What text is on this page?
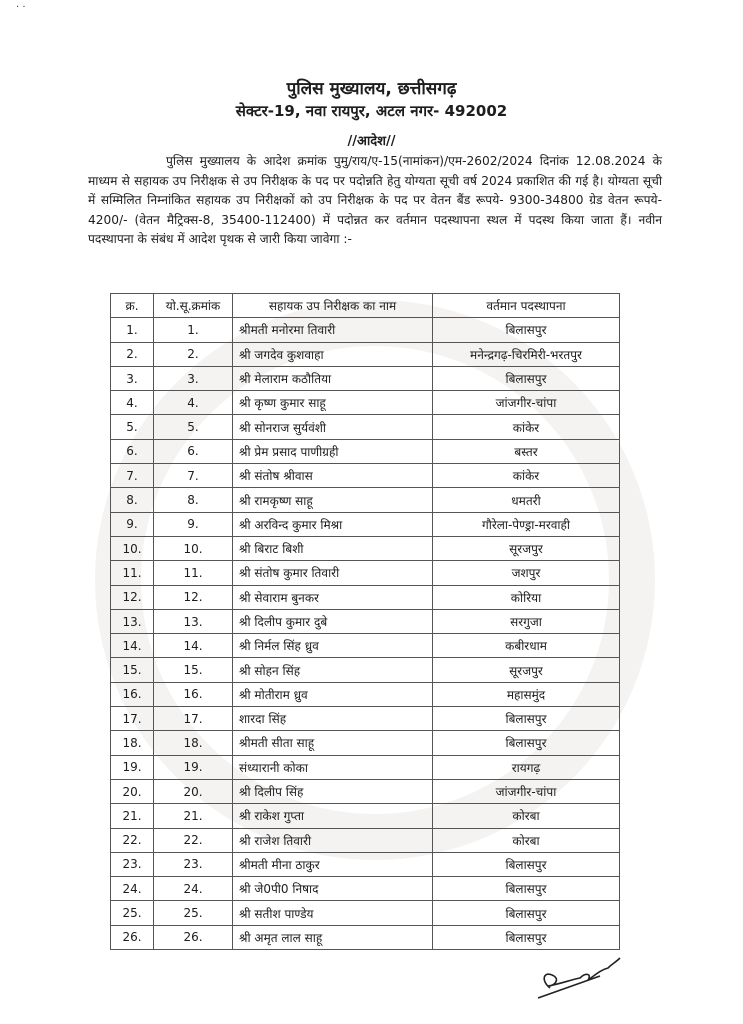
· ·
पुलिस मुख्यालय, छत्तीसगढ़
सेक्टर-19, नवा रायपुर, अटल नगर- 492002
//आदेश//
पुलिस मुख्यालय के आदेश क्रमांक पुमु/राय/ए-15(नामांकन)/एम-2602/2024 दिनांक 12.08.2024 के माध्यम से सहायक उप निरीक्षक से उप निरीक्षक के पद पर पदोन्नति हेतु योग्यता सूची वर्ष 2024 प्रकाशित की गई है। योग्यता सूची में सम्मिलित निम्नांकित सहायक उप निरीक्षकों को उप निरीक्षक के पद पर वेतन बैंड रूपये- 9300-34800 ग्रेड वेतन रूपये- 4200/- (वेतन मैट्रिक्स-8, 35400-112400) में पदोन्नत कर वर्तमान पदस्थापना स्थल में पदस्थ किया जाता हैं। नवीन पदस्थापना के संबंध में आदेश पृथक से जारी किया जावेगा :-
क्र.	यो.सू.क्रमांक	सहायक उप निरीक्षक का नाम	वर्तमान पदस्थापना
1.	1.	श्रीमती मनोरमा तिवारी	बिलासपुर
2.	2.	श्री जगदेव कुशवाहा	मनेन्द्रगढ़-चिरमिरी-भरतपुर
3.	3.	श्री मेलाराम कठौतिया	बिलासपुर
4.	4.	श्री कृष्ण कुमार साहू	जांजगीर-चांपा
5.	5.	श्री सोनराज सुर्यवंशी	कांकेर
6.	6.	श्री प्रेम प्रसाद पाणीग्रही	बस्तर
7.	7.	श्री संतोष श्रीवास	कांकेर
8.	8.	श्री रामकृष्ण साहू	धमतरी
9.	9.	श्री अरविन्द कुमार मिश्रा	गौरेला-पेण्ड्रा-मरवाही
10.	10.	श्री बिराट बिशी	सूरजपुर
11.	11.	श्री संतोष कुमार तिवारी	जशपुर
12.	12.	श्री सेवाराम बुनकर	कोरिया
13.	13.	श्री दिलीप कुमार दुबे	सरगुजा
14.	14.	श्री निर्मल सिंह ध्रुव	कबीरधाम
15.	15.	श्री सोहन सिंह	सूरजपुर
16.	16.	श्री मोतीराम ध्रुव	महासमुंद
17.	17.	शारदा सिंह	बिलासपुर
18.	18.	श्रीमती सीता साहू	बिलासपुर
19.	19.	संध्यारानी कोका	रायगढ़
20.	20.	श्री दिलीप सिंह	जांजगीर-चांपा
21.	21.	श्री राकेश गुप्ता	कोरबा
22.	22.	श्री राजेश तिवारी	कोरबा
23.	23.	श्रीमती मीना ठाकुर	बिलासपुर
24.	24.	श्री जे0पी0 निषाद	बिलासपुर
25.	25.	श्री सतीश पाण्डेय	बिलासपुर
26.	26.	श्री अमृत लाल साहू	बिलासपुर
